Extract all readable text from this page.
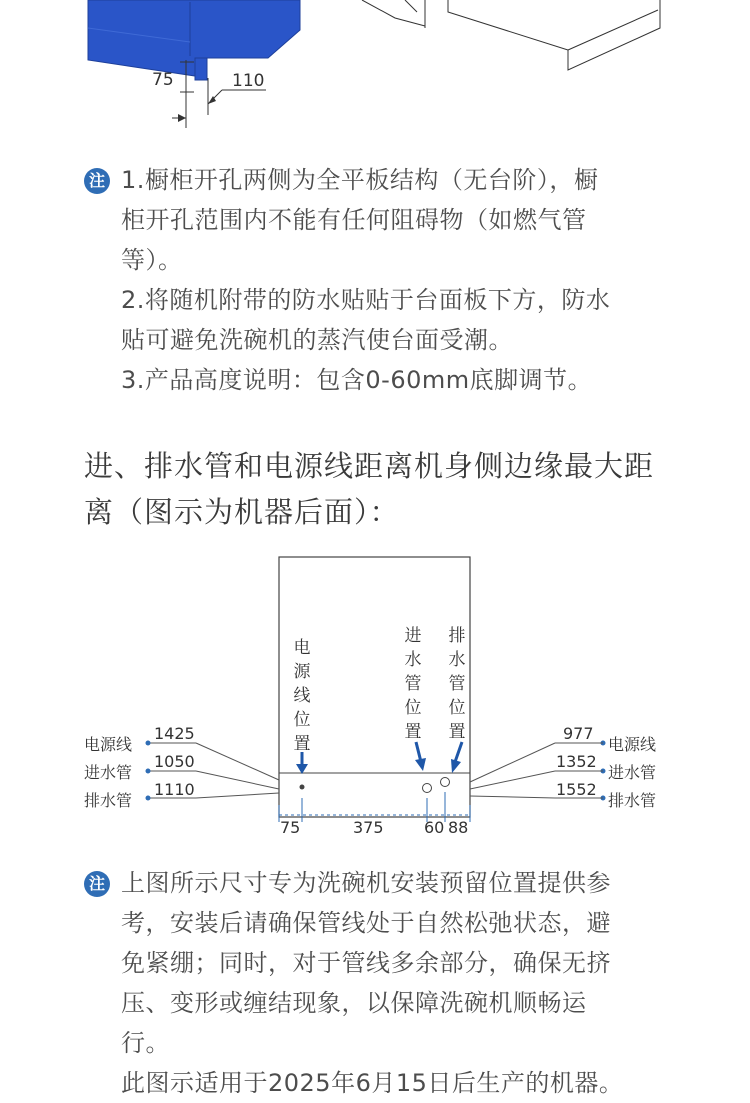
75	110
注 1.橱柜开孔两侧为全平板结构（无台阶），橱

柜开孔范围内不能有任何阻碍物（如燃气管

等）。

2.将随机附带的防水贴贴于台面板下方，防水

贴可避免洗碗机的蒸汽使台面受潮。

3.产品高度说明：包含0-60mm底脚调节。

进、排水管和电源线距离机身侧边缘最大距
离（图示为机器后面）：
电源线位置
进水管位置
排水管位置
电源线
1425
进水管
1050
排水管
1110
977
电源线
1352
进水管
1552
排水管
75	375	60 88
注 上图所示尺寸专为洗碗机安装预留位置提供参

考，安装后请确保管线处于自然松弛状态，避

免紧绷；同时，对于管线多余部分，确保无挤

压、变形或缠结现象，以保障洗碗机顺畅运

行。

此图示适用于2025年6月15日后生产的机器。
